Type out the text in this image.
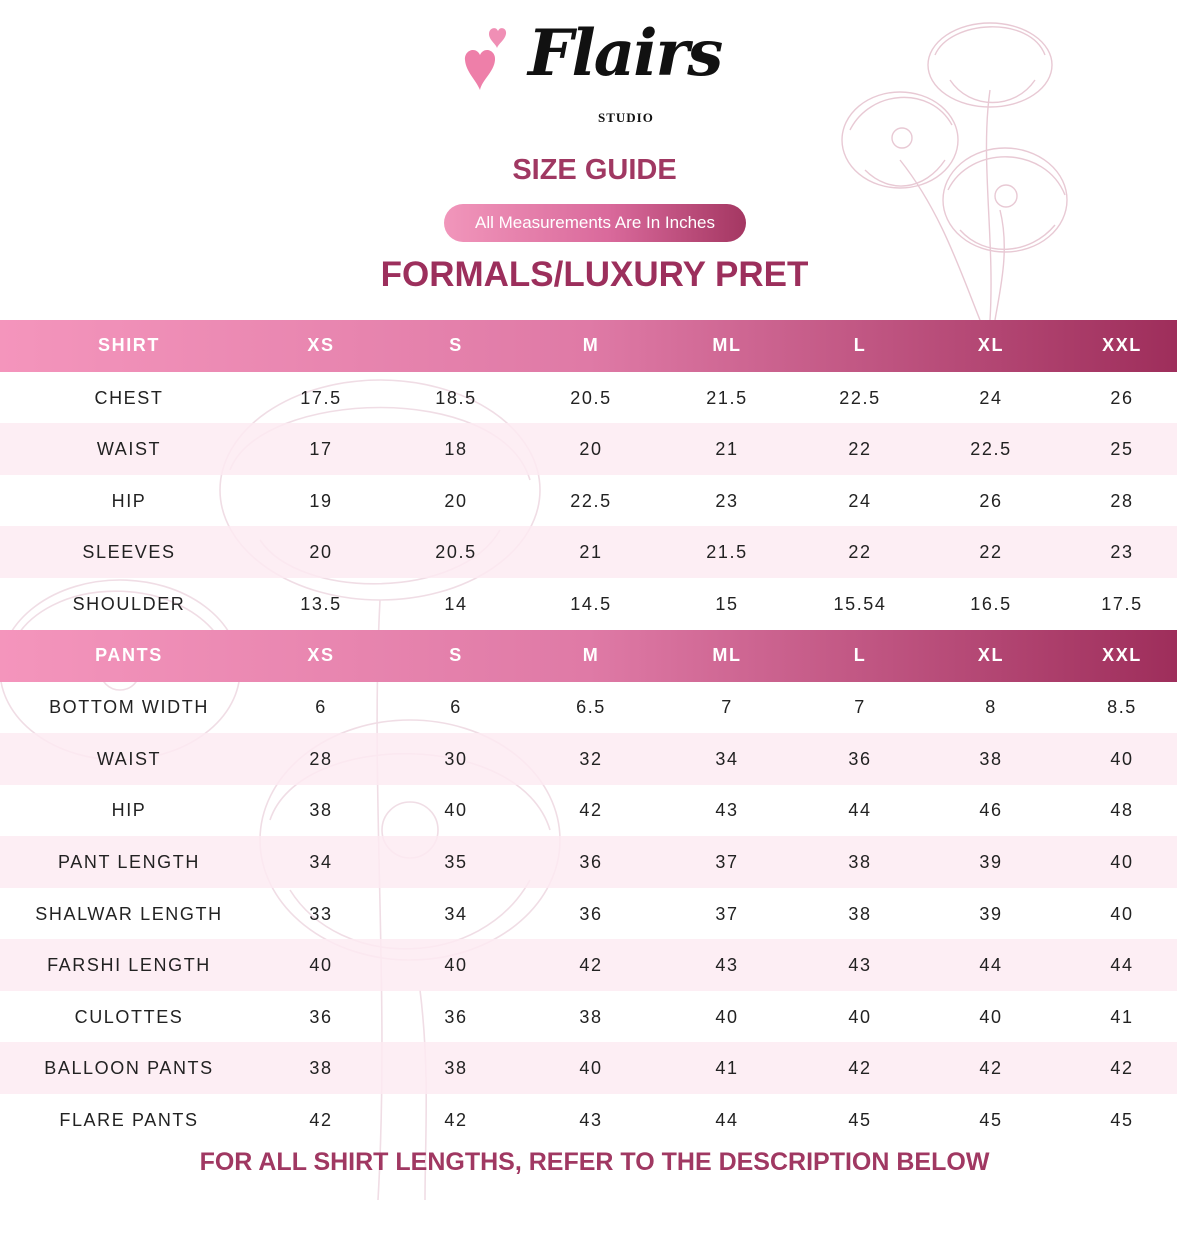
Flairs
STUDIO
SIZE GUIDE
All Measurements Are In Inches
FORMALS/LUXURY PRET
SHIRT	XS	S	M	ML	L	XL	XXL
CHEST	17.5	18.5	20.5	21.5	22.5	24	26
WAIST	17	18	20	21	22	22.5	25
HIP	19	20	22.5	23	24	26	28
SLEEVES	20	20.5	21	21.5	22	22	23
SHOULDER	13.5	14	14.5	15	15.54	16.5	17.5
PANTS	XS	S	M	ML	L	XL	XXL
BOTTOM WIDTH	6	6	6.5	7	7	8	8.5
WAIST	28	30	32	34	36	38	40
HIP	38	40	42	43	44	46	48
PANT LENGTH	34	35	36	37	38	39	40
SHALWAR LENGTH	33	34	36	37	38	39	40
FARSHI LENGTH	40	40	42	43	43	44	44
CULOTTES	36	36	38	40	40	40	41
BALLOON PANTS	38	38	40	41	42	42	42
FLARE PANTS	42	42	43	44	45	45	45
FOR ALL SHIRT LENGTHS, REFER TO THE DESCRIPTION BELOW
